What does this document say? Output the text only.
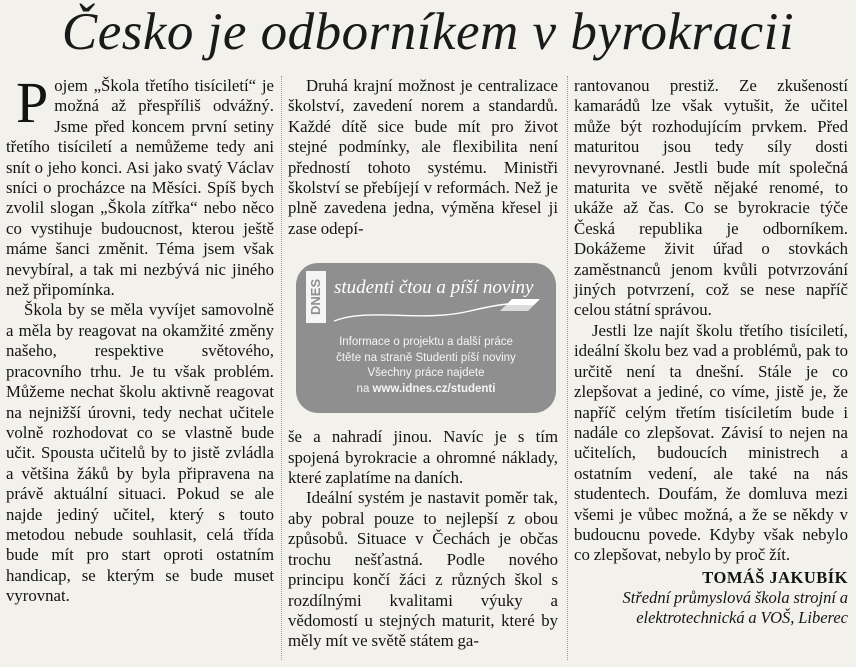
Česko je odborníkem v byrokracii

Pojem „Škola třetího tisíciletí“ je možná až přespříliš odvážný. Jsme před koncem první setiny třetího tisíciletí a nemůžeme tedy ani snít o jeho konci. Asi jako svatý Václav sníci o procházce na Měsíci. Spíš bych zvolil slogan „Škola zítřka“ nebo něco co vystihuje budoucnost, kterou ještě máme šanci změnit. Téma jsem však nevybíral, a tak mi nezbývá nic jiného než připomínka.

Škola by se měla vyvíjet samovolně a měla by reagovat na okamžité změny našeho, respektive světového, pracovního trhu. Je tu však problém. Můžeme nechat školu aktivně reagovat na nejnižší úrovni, tedy nechat učitele volně rozhodovat co se vlastně bude učit. Spousta učitelů by to jistě zvládla a většina žáků by byla připravena na právě aktuální situaci. Pokud se ale najde jediný učitel, který s touto metodou nebude souhlasit, celá třída bude mít pro start oproti ostatním handicap, se kterým se bude muset vyrovnat.

Druhá krajní možnost je centralizace školství, zavedení norem a standardů. Každé dítě sice bude mít pro život stejné podmínky, ale flexibilita není předností tohoto systému. Ministři školství se přebíjejí v reformách. Než je plně zavedena jedna, výměna křesel ji zase odepí-

še a nahradí jinou. Navíc je s tím spojená byrokracie a ohromné náklady, které zaplatíme na daních.

Ideální systém je nastavit poměr tak, aby pobral pouze to nejlepší z obou způsobů. Situace v Čechách je občas trochu nešťastná. Podle nového principu končí žáci z různých škol s rozdílnými kvalitami výuky a vědomostí u stejných maturit, které by měly mít ve světě státem ga-

rantovanou prestiž. Ze zkušeností kamarádů lze však vytušit, že učitel může být rozhodujícím prvkem. Před maturitou jsou tedy síly dosti nevyrovnané. Jestli bude mít společná maturita ve světě nějaké renomé, to ukáže až čas. Co se byrokracie týče Česká republika je odborníkem. Dokážeme živit úřad o stovkách zaměstnanců jenom kvůli potvrzování jiných potvrzení, což se nese napříč celou státní správou.

Jestli lze najít školu třetího tisíciletí, ideální školu bez vad a problémů, pak to určitě není ta dnešní. Stále je co zlepšovat a jediné, co víme, jistě je, že napříč celým třetím tisíciletím bude i nadále co zlepšovat. Závisí to nejen na učitelích, budoucích ministrech a ostatním vedení, ale také na nás studentech. Doufám, že domluva mezi všemi je vůbec možná, a že se někdy v budoucnu povede. Kdyby však nebylo co zlepšovat, nebylo by proč žít.

TOMÁŠ JAKUBÍK
Střední průmyslová škola strojní a elektrotechnická a VOŠ, Liberec
DNES studenti čtou a píší noviny
Informace o projektu a další práce
čtěte na straně Studenti píší noviny
Všechny práce najdete
na www.idnes.cz/studenti
